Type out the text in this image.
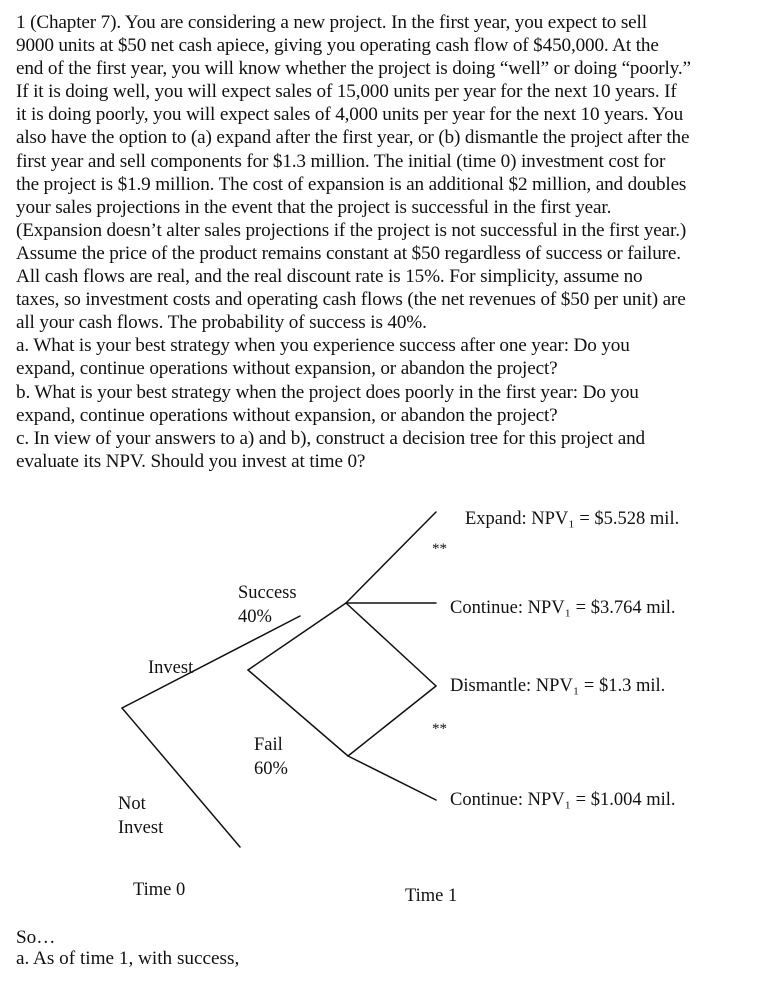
1 (Chapter 7). You are considering a new project. In the first year, you expect to sell
9000 units at $50 net cash apiece, giving you operating cash flow of $450,000. At the
end of the first year, you will know whether the project is doing “well” or doing “poorly.”
If it is doing well, you will expect sales of 15,000 units per year for the next 10 years. If
it is doing poorly, you will expect sales of 4,000 units per year for the next 10 years. You
also have the option to (a) expand after the first year, or (b) dismantle the project after the
first year and sell components for $1.3 million. The initial (time 0) investment cost for
the project is $1.9 million. The cost of expansion is an additional $2 million, and doubles
your sales projections in the event that the project is successful in the first year.
(Expansion doesn’t alter sales projections if the project is not successful in the first year.)
Assume the price of the product remains constant at $50 regardless of success or failure.
All cash flows are real, and the real discount rate is 15%. For simplicity, assume no
taxes, so investment costs and operating cash flows (the net revenues of $50 per unit) are
all your cash flows. The probability of success is 40%.
a. What is your best strategy when you experience success after one year: Do you
expand, continue operations without expansion, or abandon the project?
b. What is your best strategy when the project does poorly in the first year: Do you
expand, continue operations without expansion, or abandon the project?
c. In view of your answers to a) and b), construct a decision tree for this project and
evaluate its NPV. Should you invest at time 0?
Invest
Not
Invest
Success
40%
Fail
60%
**
**
Expand: NPV₁ = $5.528 mil.
Continue: NPV₁ = $3.764 mil.
Dismantle: NPV₁ = $1.3 mil.
Continue: NPV₁ = $1.004 mil.
Time 0	Time 1
So…
a. As of time 1, with success,
